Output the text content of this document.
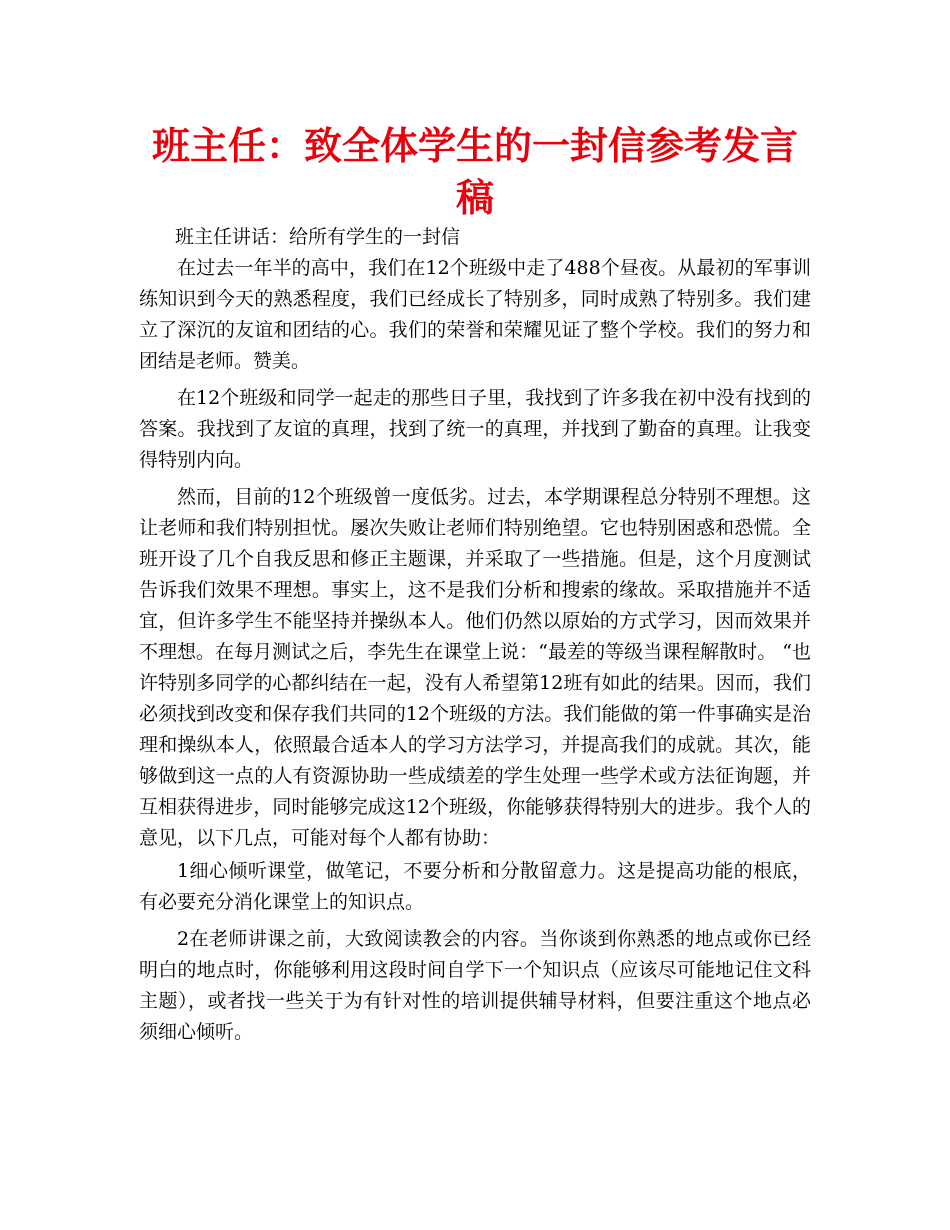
班主任：致全体学生的一封信参考发言稿

班主任讲话：给所有学生的一封信

在过去一年半的高中，我们在12个班级中走了488个昼夜。从最初的军事训练知识到今天的熟悉程度，我们已经成长了特别多，同时成熟了特别多。我们建立了深沉的友谊和团结的心。我们的荣誉和荣耀见证了整个学校。我们的努力和团结是老师。赞美。

在12个班级和同学一起走的那些日子里，我找到了许多我在初中没有找到的答案。我找到了友谊的真理，找到了统一的真理，并找到了勤奋的真理。让我变得特别内向。

然而，目前的12个班级曾一度低劣。过去，本学期课程总分特别不理想。这让老师和我们特别担忧。屡次失败让老师们特别绝望。它也特别困惑和恐慌。全班开设了几个自我反思和修正主题课，并采取了一些措施。但是，这个月度测试告诉我们效果不理想。事实上，这不是我们分析和搜索的缘故。采取措施并不适宜，但许多学生不能坚持并操纵本人。他们仍然以原始的方式学习，因而效果并不理想。在每月测试之后，李先生在课堂上说：“最差的等级当课程解散时。 “也许特别多同学的心都纠结在一起，没有人希望第12班有如此的结果。因而，我们必须找到改变和保存我们共同的12个班级的方法。我们能做的第一件事确实是治理和操纵本人，依照最合适本人的学习方法学习，并提高我们的成就。其次，能够做到这一点的人有资源协助一些成绩差的学生处理一些学术或方法征询题，并互相获得进步，同时能够完成这12个班级，你能够获得特别大的进步。我个人的意见，以下几点，可能对每个人都有协助：

1细心倾听课堂，做笔记，不要分析和分散留意力。这是提高功能的根底，有必要充分消化课堂上的知识点。

2在老师讲课之前，大致阅读教会的内容。当你谈到你熟悉的地点或你已经明白的地点时，你能够利用这段时间自学下一个知识点（应该尽可能地记住文科主题），或者找一些关于为有针对性的培训提供辅导材料，但要注重这个地点必须细心倾听。
